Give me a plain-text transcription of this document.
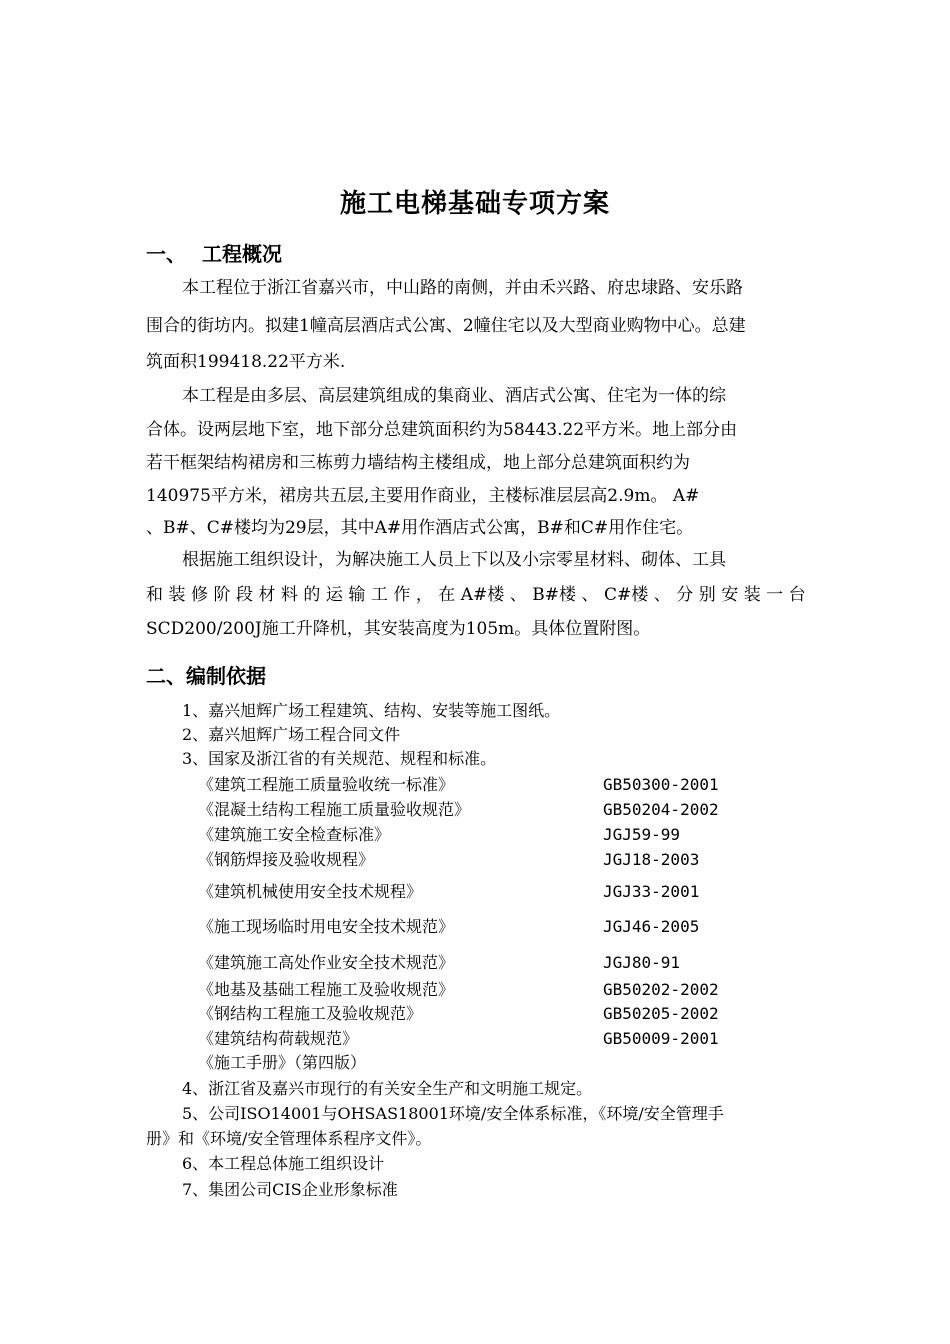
施工电梯基础专项方案
一、 工程概况
本工程位于浙江省嘉兴市，中山路的南侧，并由禾兴路、府忠埭路、安乐路
围合的街坊内。拟建1幢高层酒店式公寓、2幢住宅以及大型商业购物中心。总建
筑面积199418.22平方米.
本工程是由多层、高层建筑组成的集商业、酒店式公寓、住宅为一体的综
合体。设两层地下室，地下部分总建筑面积约为58443.22平方米。地上部分由
若干框架结构裙房和三栋剪力墙结构主楼组成，地上部分总建筑面积约为
140975平方米，裙房共五层,主要用作商业，主楼标准层层高2.9m。 A#
、B#、C#楼均为29层，其中A#用作酒店式公寓，B#和C#用作住宅。
根据施工组织设计，为解决施工人员上下以及小宗零星材料、砌体、工具
和 装 修 阶 段 材 料 的 运 输 工 作 ， 在 A#楼 、 B#楼 、 C#楼 、 分 别 安 装 一 台
SCD200/200J施工升降机，其安装高度为105m。具体位置附图。
二、编制依据
1、嘉兴旭辉广场工程建筑、结构、安装等施工图纸。
2、嘉兴旭辉广场工程合同文件
3、国家及浙江省的有关规范、规程和标准。
《建筑工程施工质量验收统一标准》	GB50300-2001
《混凝土结构工程施工质量验收规范》	GB50204-2002
《建筑施工安全检查标准》	JGJ59-99
《钢筋焊接及验收规程》	JGJ18-2003
《建筑机械使用安全技术规程》	JGJ33-2001
《施工现场临时用电安全技术规范》	JGJ46-2005
《建筑施工高处作业安全技术规范》	JGJ80-91
《地基及基础工程施工及验收规范》	GB50202-2002
《钢结构工程施工及验收规范》	GB50205-2002
《建筑结构荷载规范》	GB50009-2001
《施工手册》（第四版）
4、浙江省及嘉兴市现行的有关安全生产和文明施工规定。
5、公司ISO14001与OHSAS18001环境/安全体系标准，《环境/安全管理手
册》和《环境/安全管理体系程序文件》。
6、本工程总体施工组织设计
7、集团公司CIS企业形象标准
